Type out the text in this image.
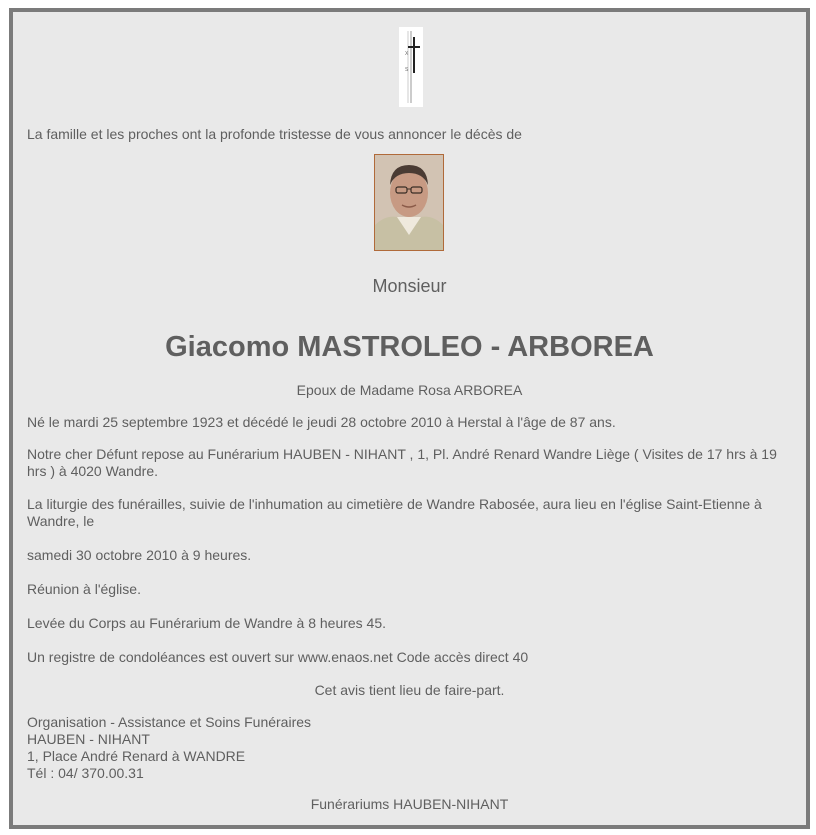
X
S

La famille et les proches ont la profonde tristesse de vous annoncer le décès de

Monsieur

Giacomo MASTROLEO - ARBOREA

Epoux de Madame Rosa ARBOREA

Né le mardi 25 septembre 1923 et décédé le jeudi 28 octobre 2010 à Herstal à l'âge de 87 ans.

Notre cher Défunt repose au Funérarium HAUBEN - NIHANT , 1, Pl. André Renard Wandre Liège ( Visites de 17 hrs à 19 hrs ) à 4020 Wandre.

La liturgie des funérailles, suivie de l'inhumation au cimetière de Wandre Rabosée, aura lieu en l'église Saint-Etienne à Wandre, le

samedi 30 octobre 2010 à 9 heures.

Réunion à l'église.

Levée du Corps au Funérarium de Wandre à 8 heures 45.

Un registre de condoléances est ouvert sur www.enaos.net Code accès direct 40

Cet avis tient lieu de faire-part.

Organisation - Assistance et Soins Funéraires

HAUBEN - NIHANT

1, Place André Renard à WANDRE

Tél : 04/ 370.00.31

Funérariums HAUBEN-NIHANT
